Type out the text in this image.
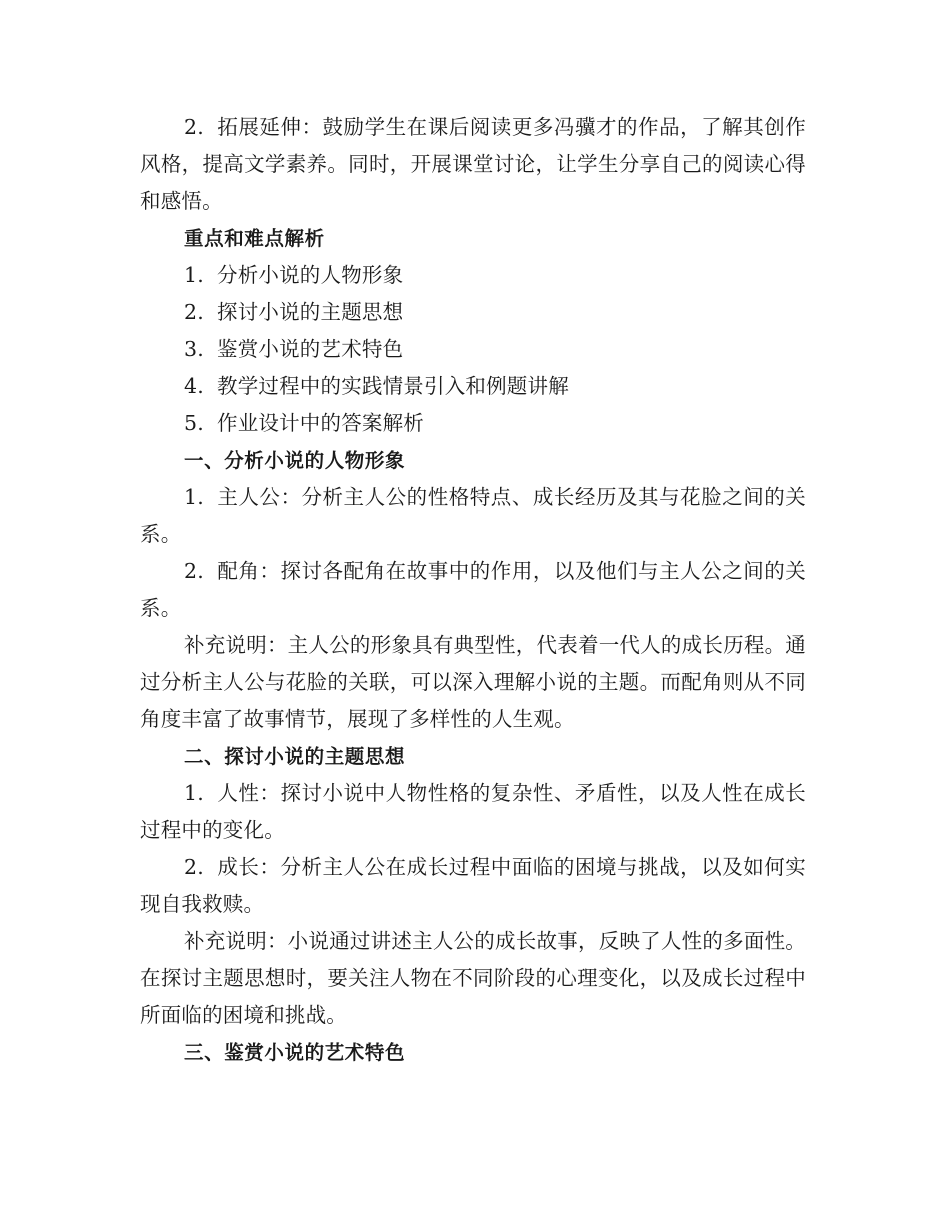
2. 拓展延伸：鼓励学生在课后阅读更多冯骥才的作品，了解其创作风格，提高文学素养。同时，开展课堂讨论，让学生分享自己的阅读心得和感悟。

重点和难点解析

1. 分析小说的人物形象

2. 探讨小说的主题思想

3. 鉴赏小说的艺术特色

4. 教学过程中的实践情景引入和例题讲解

5. 作业设计中的答案解析

一、分析小说的人物形象

1. 主人公：分析主人公的性格特点、成长经历及其与花脸之间的关系。

2. 配角：探讨各配角在故事中的作用，以及他们与主人公之间的关系。

补充说明：主人公的形象具有典型性，代表着一代人的成长历程。通过分析主人公与花脸的关联，可以深入理解小说的主题。而配角则从不同角度丰富了故事情节，展现了多样性的人生观。

二、探讨小说的主题思想

1. 人性：探讨小说中人物性格的复杂性、矛盾性，以及人性在成长过程中的变化。

2. 成长：分析主人公在成长过程中面临的困境与挑战，以及如何实现自我救赎。

补充说明：小说通过讲述主人公的成长故事，反映了人性的多面性。在探讨主题思想时，要关注人物在不同阶段的心理变化，以及成长过程中所面临的困境和挑战。

三、鉴赏小说的艺术特色
